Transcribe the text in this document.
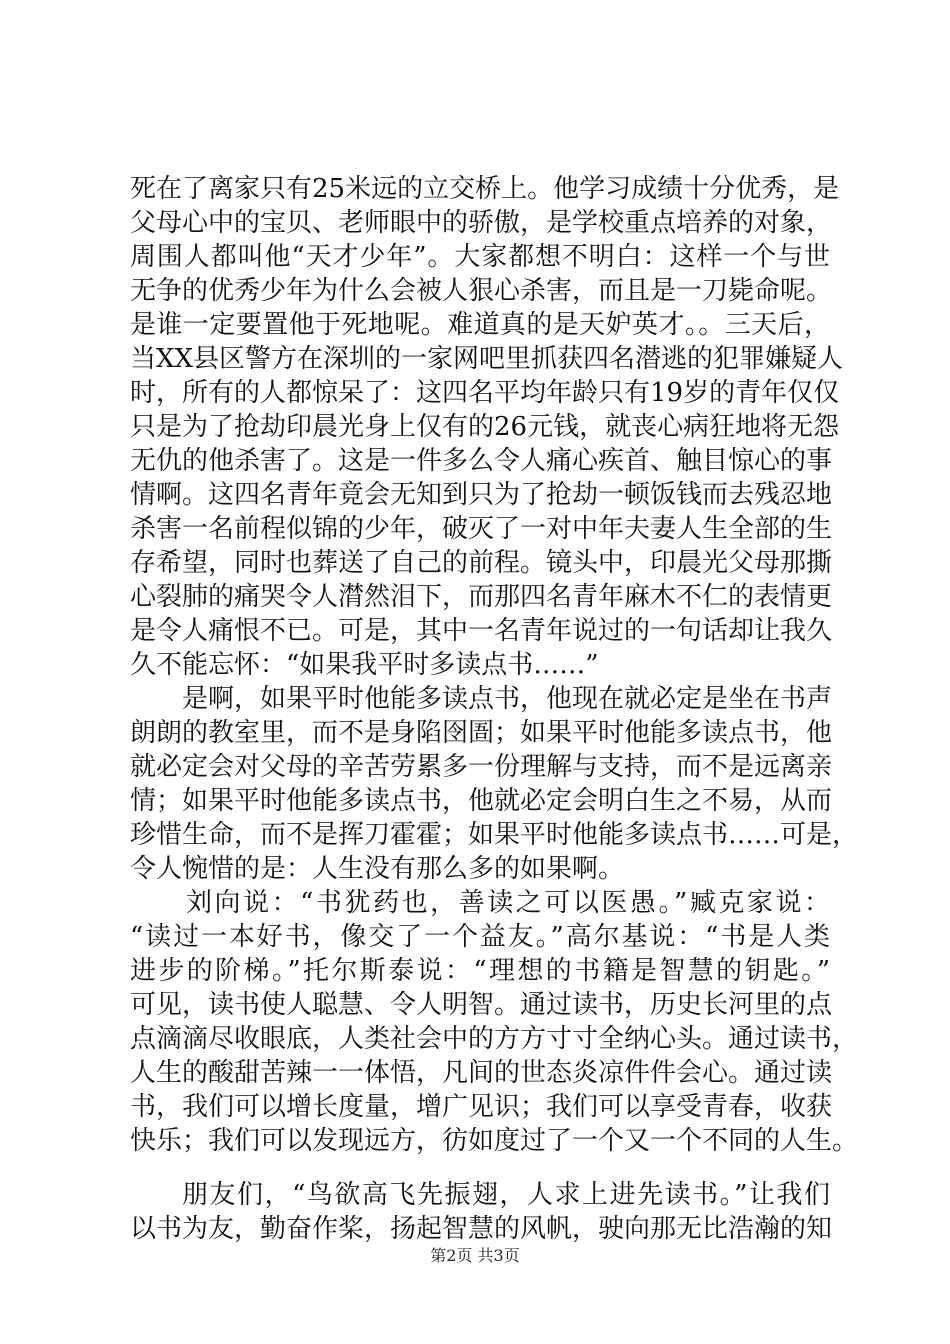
死在了离家只有25米远的立交桥上。他学习成绩十分优秀，是
父母心中的宝贝、老师眼中的骄傲，是学校重点培养的对象，
周围人都叫他“天才少年”。大家都想不明白：这样一个与世
无争的优秀少年为什么会被人狠心杀害，而且是一刀毙命呢。
是谁一定要置他于死地呢。难道真的是天妒英才。。三天后，
当XX县区警方在深圳的一家网吧里抓获四名潜逃的犯罪嫌疑人
时，所有的人都惊呆了：这四名平均年龄只有19岁的青年仅仅
只是为了抢劫印晨光身上仅有的26元钱，就丧心病狂地将无怨
无仇的他杀害了。这是一件多么令人痛心疾首、触目惊心的事
情啊。这四名青年竟会无知到只为了抢劫一顿饭钱而去残忍地
杀害一名前程似锦的少年，破灭了一对中年夫妻人生全部的生
存希望，同时也葬送了自己的前程。镜头中，印晨光父母那撕
心裂肺的痛哭令人潸然泪下，而那四名青年麻木不仁的表情更
是令人痛恨不已。可是，其中一名青年说过的一句话却让我久
久不能忘怀：“如果我平时多读点书……”
是啊，如果平时他能多读点书，他现在就必定是坐在书声
朗朗的教室里，而不是身陷囹圄；如果平时他能多读点书，他
就必定会对父母的辛苦劳累多一份理解与支持，而不是远离亲
情；如果平时他能多读点书，他就必定会明白生之不易，从而
珍惜生命，而不是挥刀霍霍；如果平时他能多读点书……可是，
令人惋惜的是：人生没有那么多的如果啊。
刘向说：“书犹药也，善读之可以医愚。”臧克家说：
“读过一本好书，像交了一个益友。”高尔基说：“书是人类
进步的阶梯。”托尔斯泰说：“理想的书籍是智慧的钥匙。”
可见，读书使人聪慧、令人明智。通过读书，历史长河里的点
点滴滴尽收眼底，人类社会中的方方寸寸全纳心头。通过读书，
人生的酸甜苦辣一一体悟，凡间的世态炎凉件件会心。通过读
书，我们可以增长度量，增广见识；我们可以享受青春，收获
快乐；我们可以发现远方，彷如度过了一个又一个不同的人生。
朋友们，“鸟欲高飞先振翅，人求上进先读书。”让我们
以书为友，勤奋作桨，扬起智慧的风帆，驶向那无比浩瀚的知
第2页 共3页
